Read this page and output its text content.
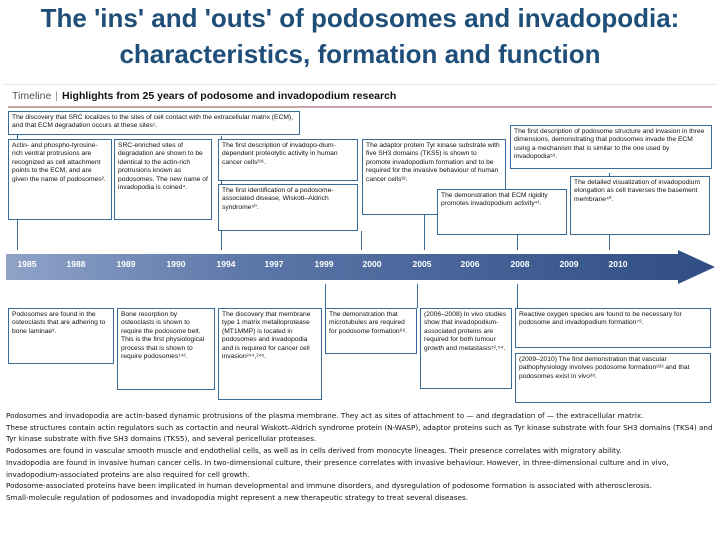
The 'ins' and 'outs' of podosomes and invadopodia:
characteristics, formation and function
Timeline | Highlights from 25 years of podosome and invadopodium research
The discovery that SRC localizes to the sites of cell contact with the extracellular matrix (ECM), and that ECM degradation occurs at these sites¹.
Actin- and phospho-tyrosine-rich ventral protrusions are recognized as cell attachment points to the ECM, and are given the name of podosomes².
SRC-enriched sites of degradation are shown to be identical to the actin-rich protrusions known as podosomes. The new name of invadopodia is coined⁴.
The first description of invadopo-dium-dependent proteolytic activity in human cancer cells²³¹.
The first identification of a podosome-associated disease, Wiskott–Aldrich syndrome⁵⁰.
The adaptor protein Tyr kinase substrate with five SH3 domains (TKS5) is shown to promote invadopodium formation and to be required for the invasive behaviour of human cancer cells³².
The first description of podosome structure and invasion in three dimensions, demonstrating that podosomes invade the ECM using a mechanism that is similar to the one used by invadopodia⁵³.
The demonstration that ECM rigidity promotes invadopodium activity⁴¹.
The detailed visualization of invadopodium elongation as cell traverses the basement membrane⁴⁰.
1985	1988	1989	1990	1994	1997	1999	2000	2005	2006	2008	2009	2010
Podosomes are found in the osteoclasts that are adhering to bone laminae³.
Bone resorption by osteoclasts is shown to require the podosome belt. This is the first physiological process that is shown to require podosomes¹⁴².
The discovery that membrane type 1 matrix metalloprotease (MT1MMP) is located in podosomes and invadopodia and is required for cancer cell invasion²⁴⁴,²⁴⁵.
The demonstration that microtubules are required for podosome formation⁸⁸.
(2006–2008) In vivo studies show that invadopodium-associated proteins are required for both tumour growth and metastasis⁵²,⁵⁴.
Reactive oxygen species are found to be necessary for podosome and invadopodium formation⁷⁹.
(2009–2010) The first demonstration that vascular pathophysiology involves podosome formation⁸²³ and that podosomes exist in vivo³⁸.

Podosomes and invadopodia are actin-based dynamic protrusions of the plasma membrane. They act as sites of attachment to — and degradation of — the extracellular matrix.

These structures contain actin regulators such as cortactin and neural Wiskott–Aldrich syndrome protein (N-WASP), adaptor proteins such as Tyr kinase substrate with four SH3 domains (TKS4) and Tyr kinase substrate with five SH3 domains (TKS5), and several pericellular proteases.

Podosomes are found in vascular smooth muscle and endothelial cells, as well as in cells derived from monocyte lineages. Their presence correlates with migratory ability.

Invadopodia are found in invasive human cancer cells. In two-dimensional culture, their presence correlates with invasive behaviour. However, in three-dimensional culture and in vivo, invadopodium-associated proteins are also required for cell growth.

Podosome-associated proteins have been implicated in human developmental and immune disorders, and dysregulation of podosome formation is associated with atherosclerosis.

Small-molecule regulation of podosomes and invadopodia might represent a new therapeutic strategy to treat several diseases.
